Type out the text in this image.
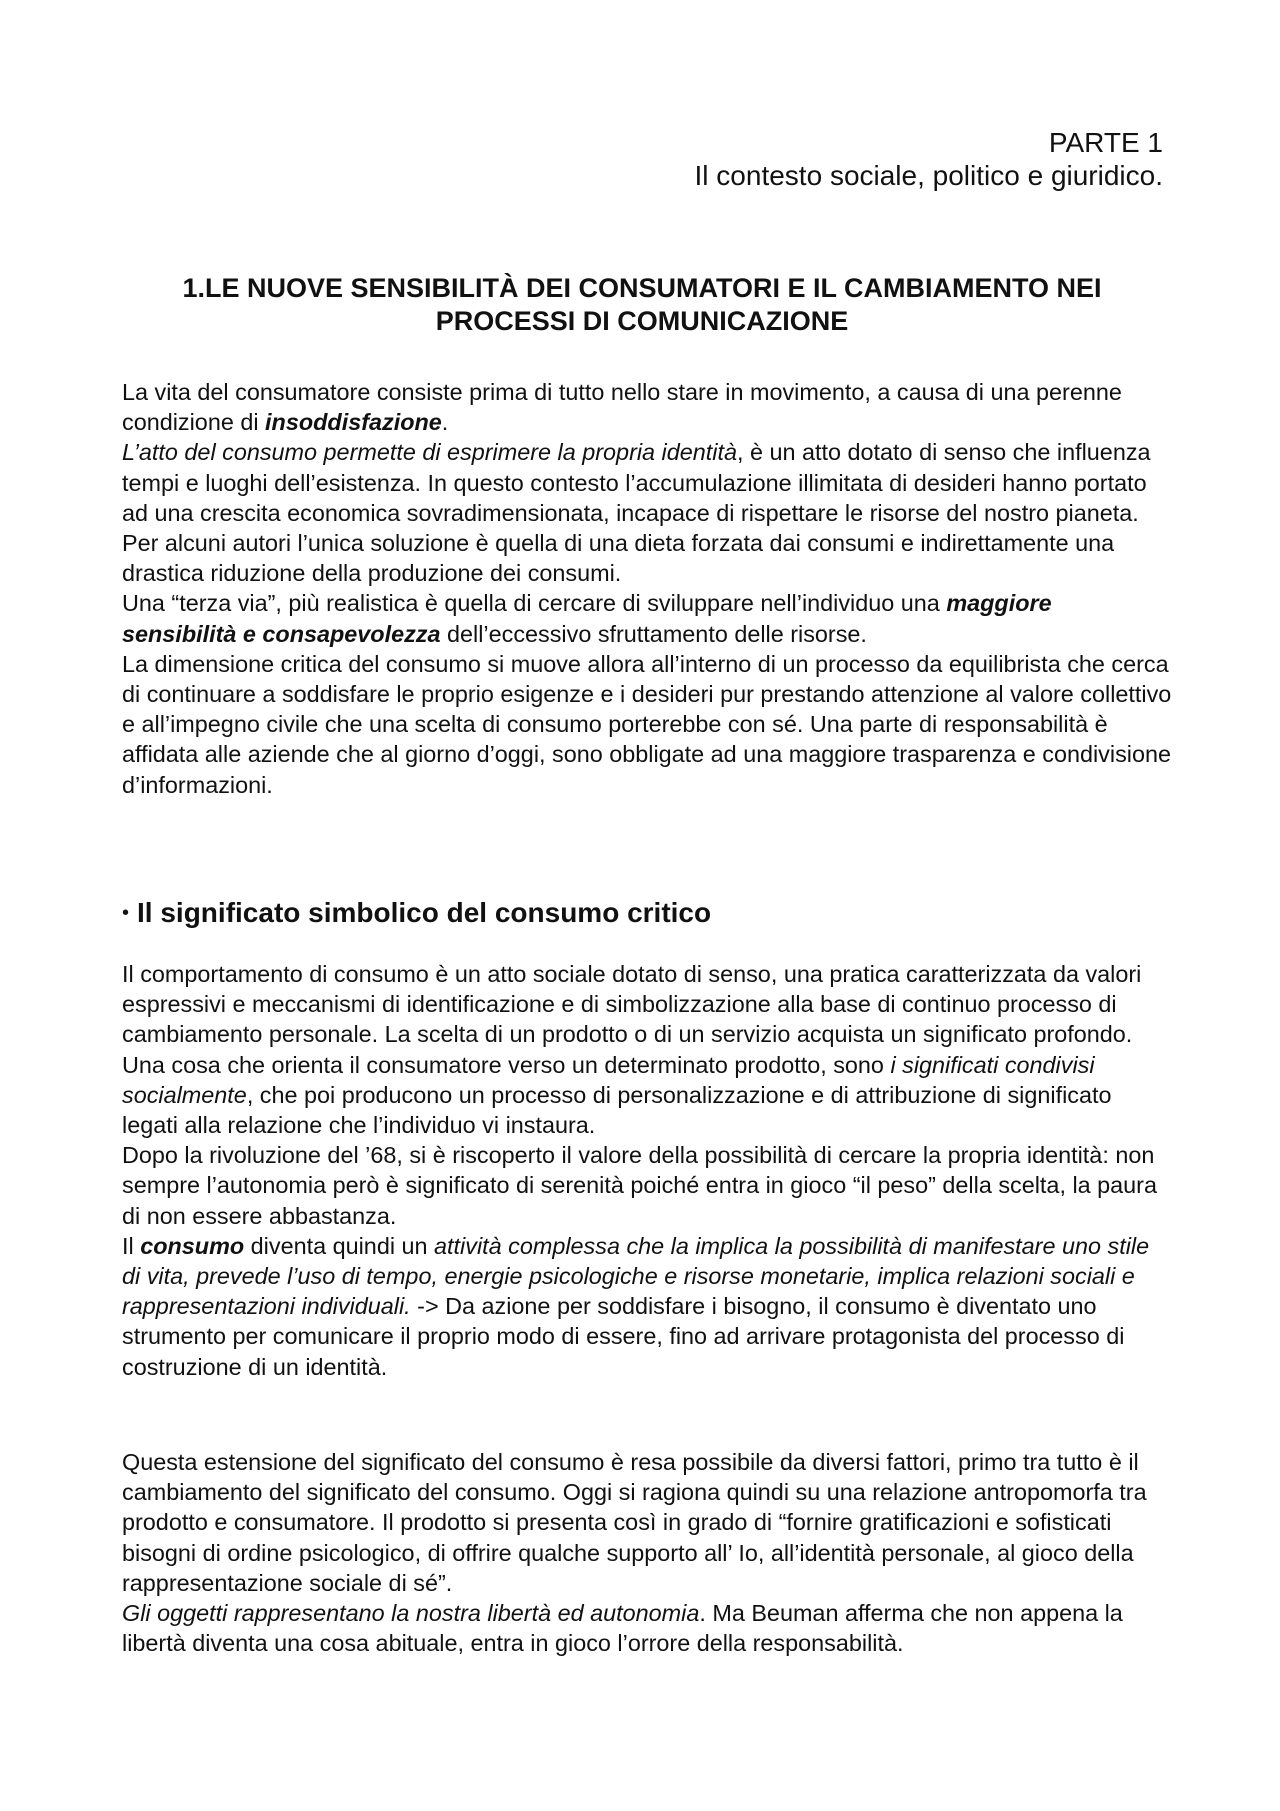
PARTE 1
Il contesto sociale, politico e giuridico.
1.LE NUOVE SENSIBILITÀ DEI CONSUMATORI E IL CAMBIAMENTO NEI
PROCESSI DI COMUNICAZIONE

La vita del consumatore consiste prima di tutto nello stare in movimento, a causa di una perenne condizione di insoddisfazione.

L’atto del consumo permette di esprimere la propria identità, è un atto dotato di senso che influenza tempi e luoghi dell’esistenza. In questo contesto l’accumulazione illimitata di desideri hanno portato ad una crescita economica sovradimensionata, incapace di rispettare le risorse del nostro pianeta. Per alcuni autori l’unica soluzione è quella di una dieta forzata dai consumi e indirettamente una drastica riduzione della produzione dei consumi.

Una “terza via”, più realistica è quella di cercare di sviluppare nell’individuo una maggiore sensibilità e consapevolezza dell’eccessivo sfruttamento delle risorse.

La dimensione critica del consumo si muove allora all’interno di un processo da equilibrista che cerca di continuare a soddisfare le proprio esigenze e i desideri pur prestando attenzione al valore collettivo e all’impegno civile che una scelta di consumo porterebbe con sé. Una parte di responsabilità è affidata alle aziende che al giorno d’oggi, sono obbligate ad una maggiore trasparenza e condivisione d’informazioni.

• Il significato simbolico del consumo critico

Il comportamento di consumo è un atto sociale dotato di senso, una pratica caratterizzata da valori espressivi e meccanismi di identificazione e di simbolizzazione alla base di continuo processo di cambiamento personale. La scelta di un prodotto o di un servizio acquista un significato profondo.

Una cosa che orienta il consumatore verso un determinato prodotto, sono i significati condivisi socialmente, che poi producono un processo di personalizzazione e di attribuzione di significato legati alla relazione che l’individuo vi instaura.

Dopo la rivoluzione del ’68, si è riscoperto il valore della possibilità di cercare la propria identità: non sempre l’autonomia però è significato di serenità poiché entra in gioco “il peso” della scelta, la paura di non essere abbastanza.

Il consumo diventa quindi un attività complessa che la implica la possibilità di manifestare uno stile di vita, prevede l’uso di tempo, energie psicologiche e risorse monetarie, implica relazioni sociali e rappresentazioni individuali. -> Da azione per soddisfare i bisogno, il consumo è diventato uno strumento per comunicare il proprio modo di essere, fino ad arrivare protagonista del processo di costruzione di un identità.

Questa estensione del significato del consumo è resa possibile da diversi fattori, primo tra tutto è il cambiamento del significato del consumo. Oggi si ragiona quindi su una relazione antropomorfa tra prodotto e consumatore. Il prodotto si presenta così in grado di “fornire gratificazioni e sofisticati bisogni di ordine psicologico, di offrire qualche supporto all’ Io, all’identità personale, al gioco della rappresentazione sociale di sé”.

Gli oggetti rappresentano la nostra libertà ed autonomia. Ma Beuman afferma che non appena la libertà diventa una cosa abituale, entra in gioco l’orrore della responsabilità.
